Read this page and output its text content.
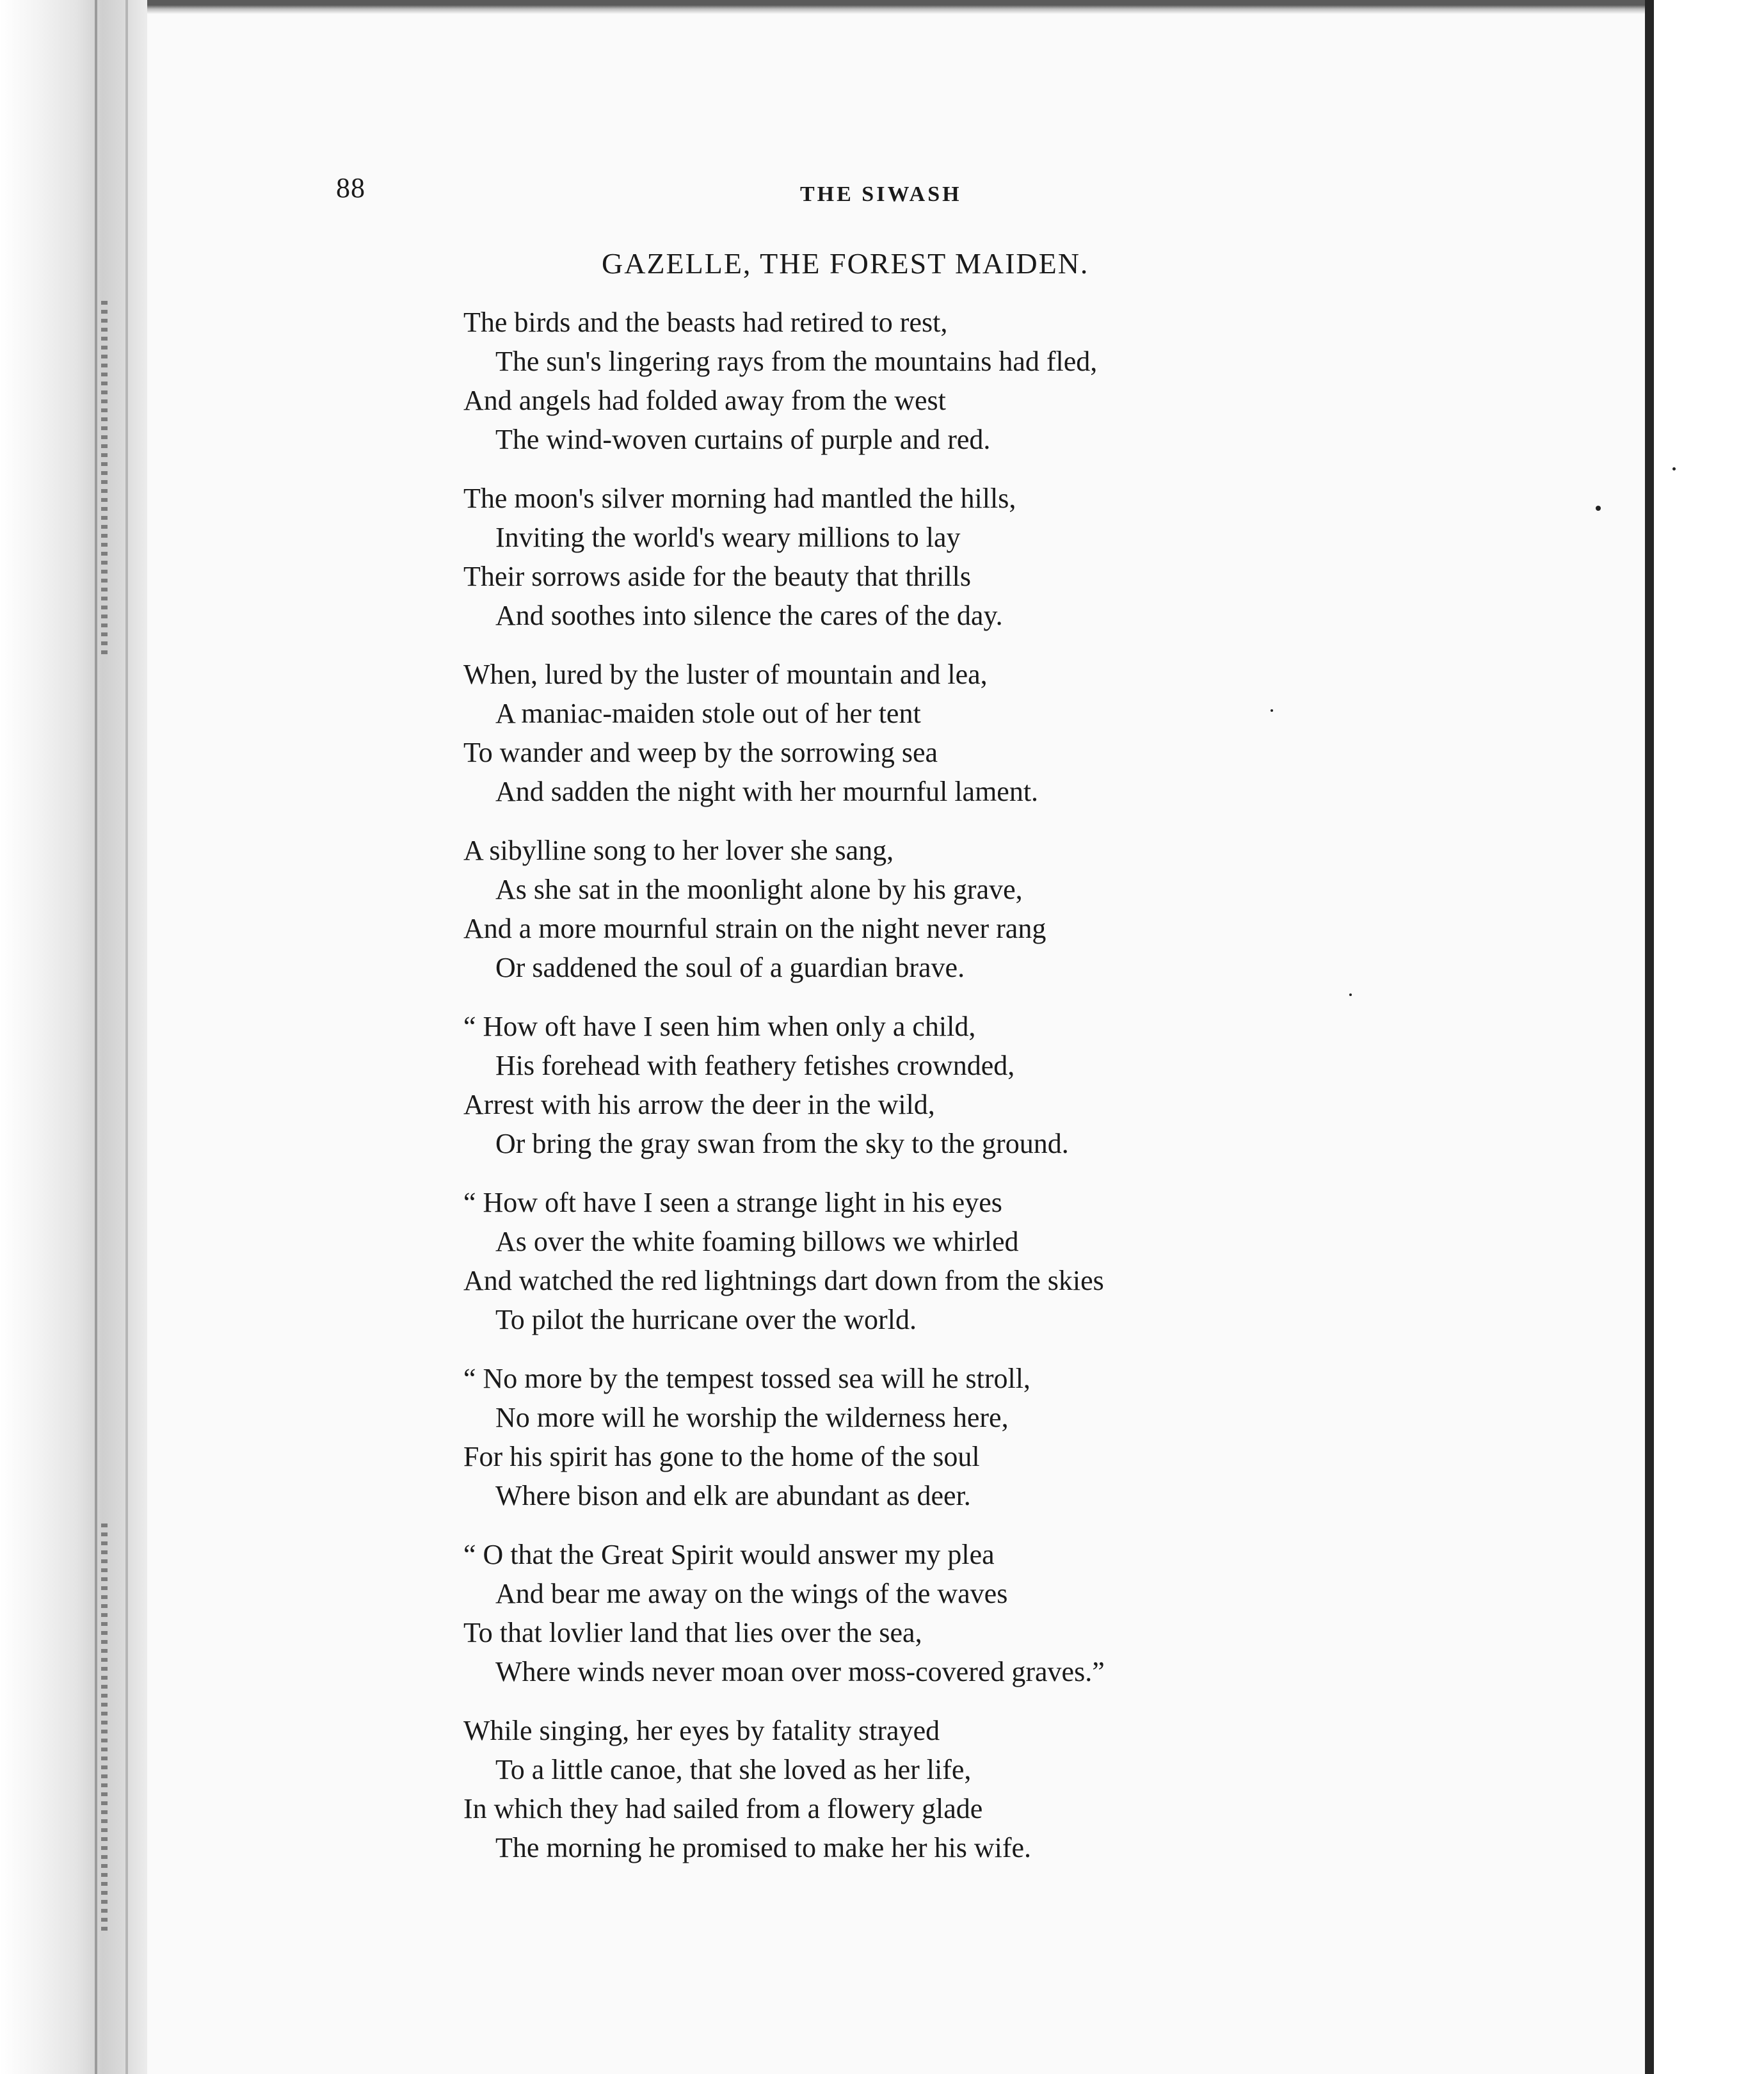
88	THE SIWASH
GAZELLE, THE FOREST MAIDEN.
The birds and the beasts had retired to rest,
The sun's lingering rays from the mountains had fled,
And angels had folded away from the west
The wind-woven curtains of purple and red.
The moon's silver morning had mantled the hills,
Inviting the world's weary millions to lay
Their sorrows aside for the beauty that thrills
And soothes into silence the cares of the day.
When, lured by the luster of mountain and lea,
A maniac-maiden stole out of her tent
To wander and weep by the sorrowing sea
And sadden the night with her mournful lament.
A sibylline song to her lover she sang,
As she sat in the moonlight alone by his grave,
And a more mournful strain on the night never rang
Or saddened the soul of a guardian brave.
“ How oft have I seen him when only a child,
His forehead with feathery fetishes crownded,
Arrest with his arrow the deer in the wild,
Or bring the gray swan from the sky to the ground.
“ How oft have I seen a strange light in his eyes
As over the white foaming billows we whirled
And watched the red lightnings dart down from the skies
To pilot the hurricane over the world.
“ No more by the tempest tossed sea will he stroll,
No more will he worship the wilderness here,
For his spirit has gone to the home of the soul
Where bison and elk are abundant as deer.
“ O that the Great Spirit would answer my plea
And bear me away on the wings of the waves
To that lovlier land that lies over the sea,
Where winds never moan over moss-covered graves.”
While singing, her eyes by fatality strayed
To a little canoe, that she loved as her life,
In which they had sailed from a flowery glade
The morning he promised to make her his wife.
